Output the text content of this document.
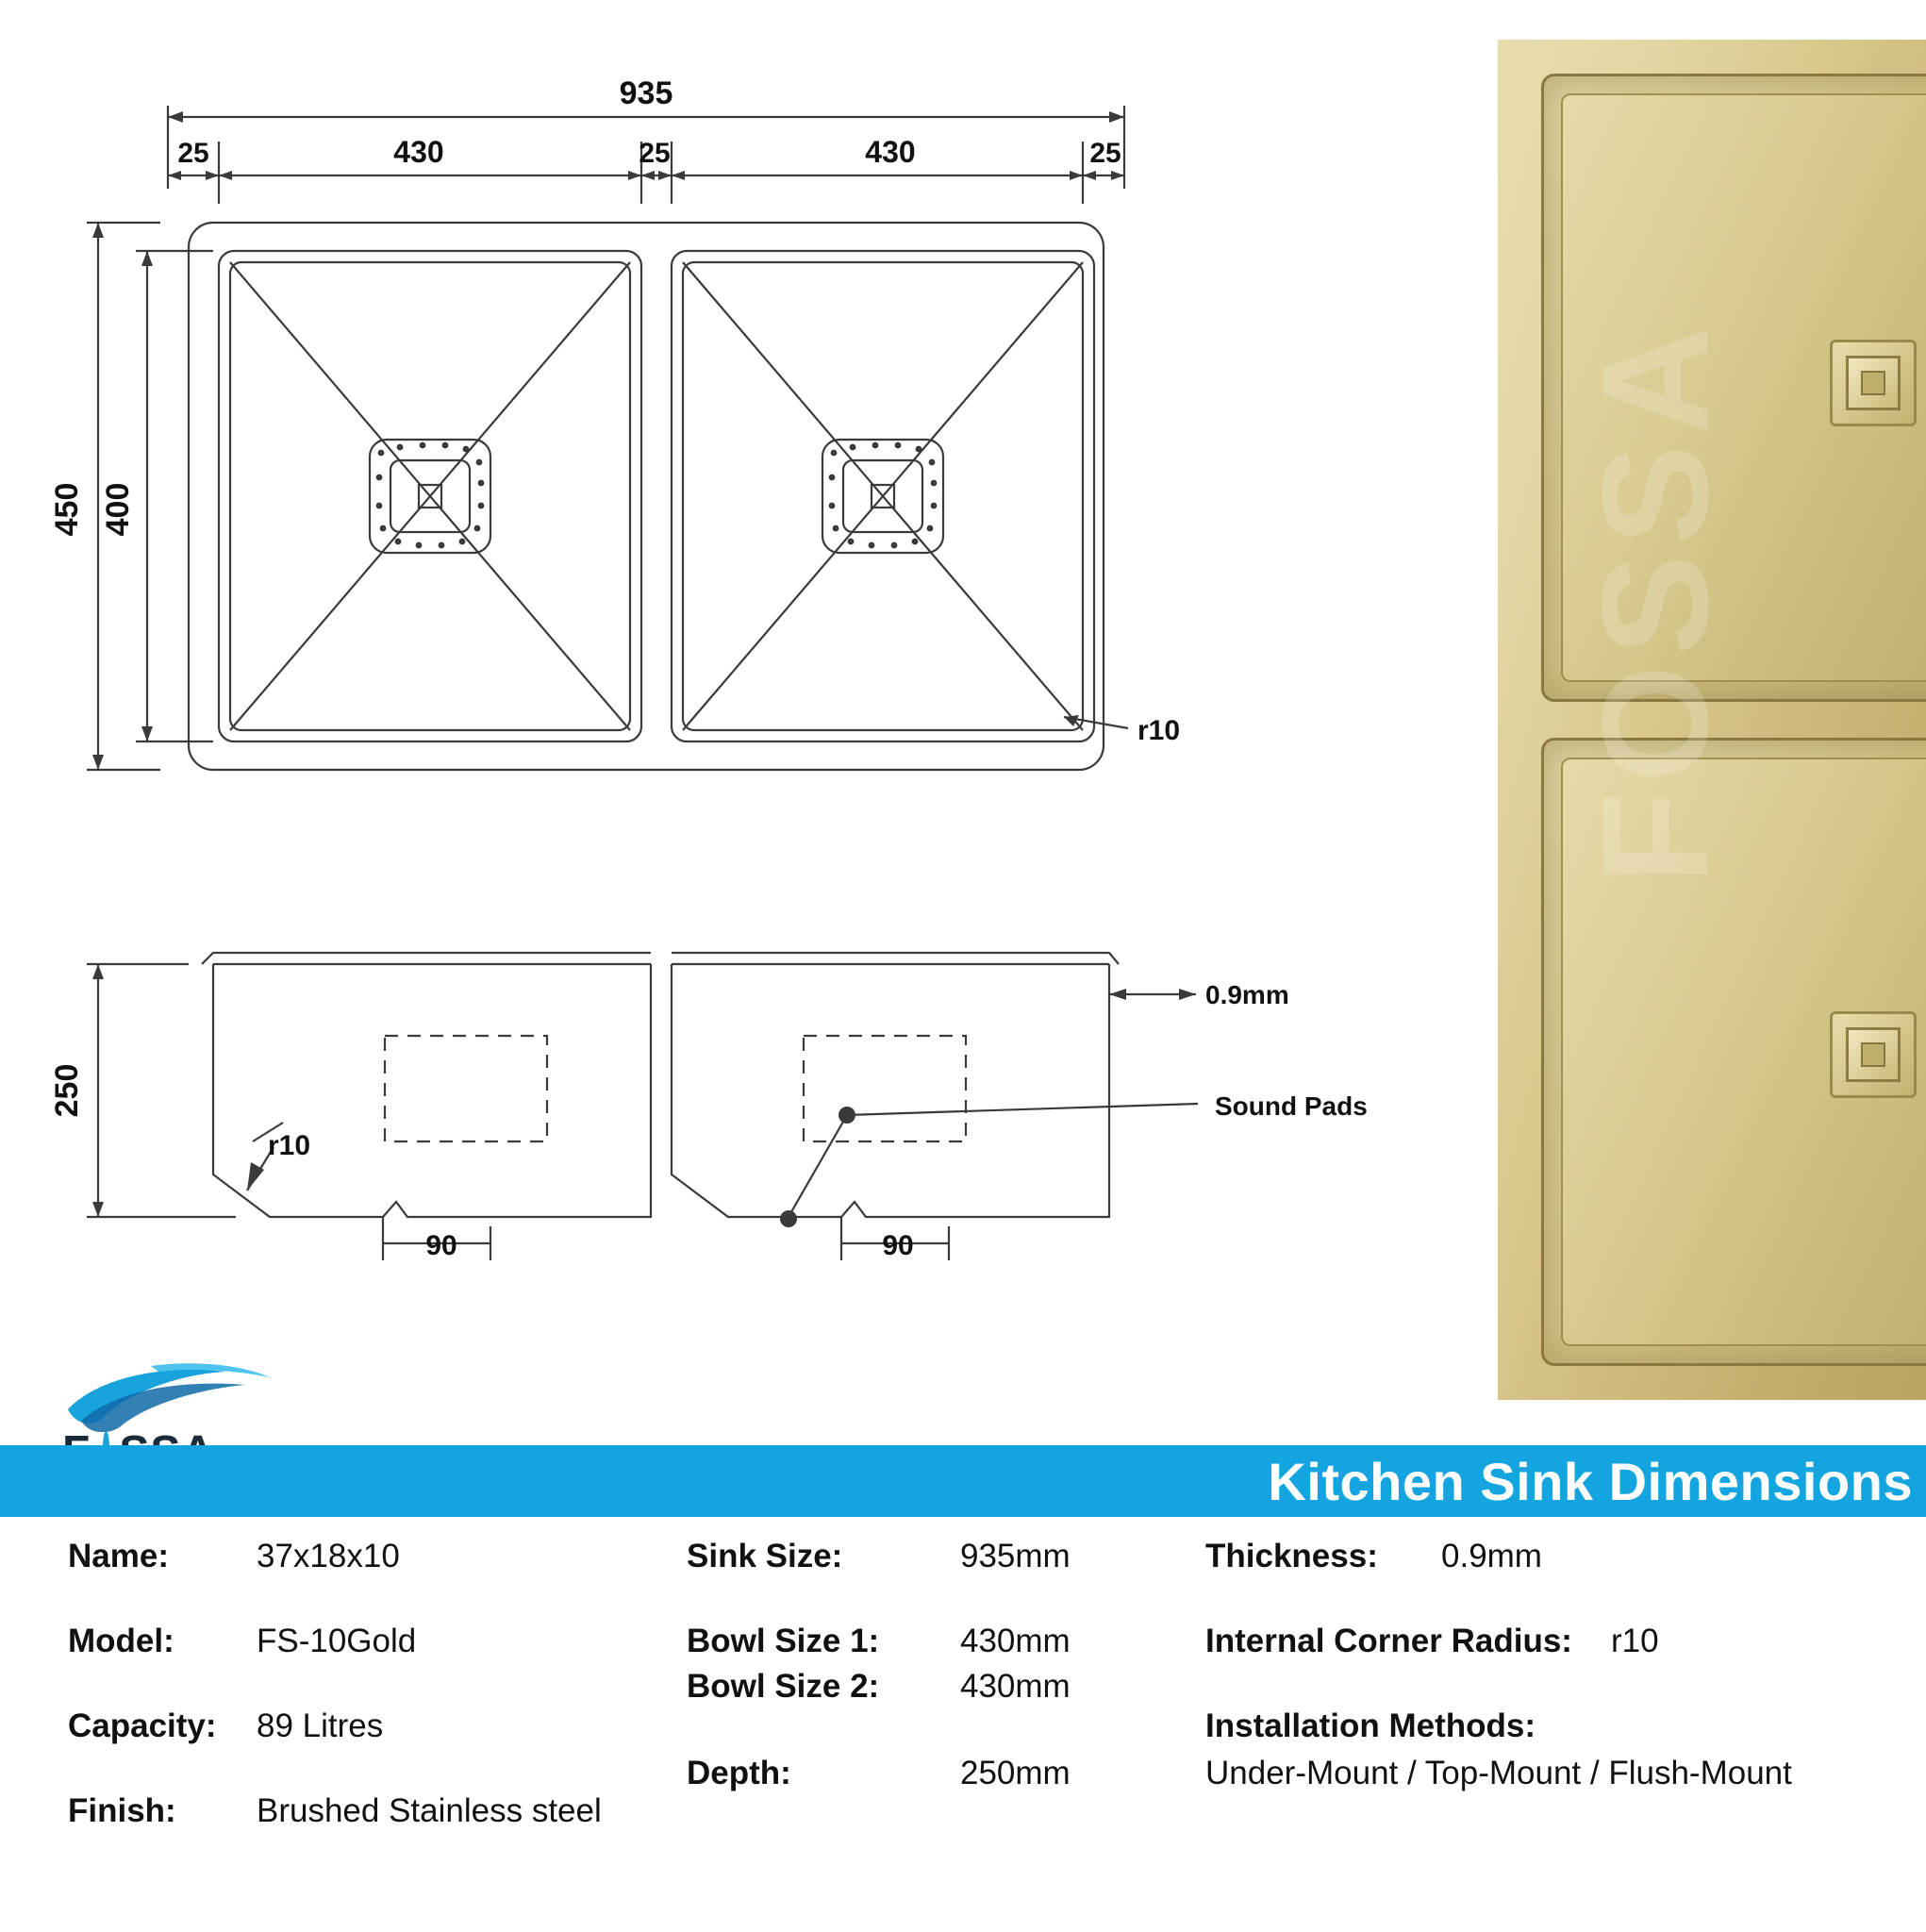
935
25	430	25	430	25
450 400
r10
250
r10
0.9mm
Sound Pads
90	90
Kitchen Sink Dimensions
Name:	37x18x10
Model:	FS-10Gold
Capacity:	89 Litres
Finish:	Brushed Stainless steel
Sink Size:	935mm
Bowl Size 1:	430mm
Bowl Size 2:	430mm
Depth:	250mm
Thickness:	0.9mm
Internal Corner Radius:	r10
Installation Methods:
Under-Mount / Top-Mount / Flush-Mount
